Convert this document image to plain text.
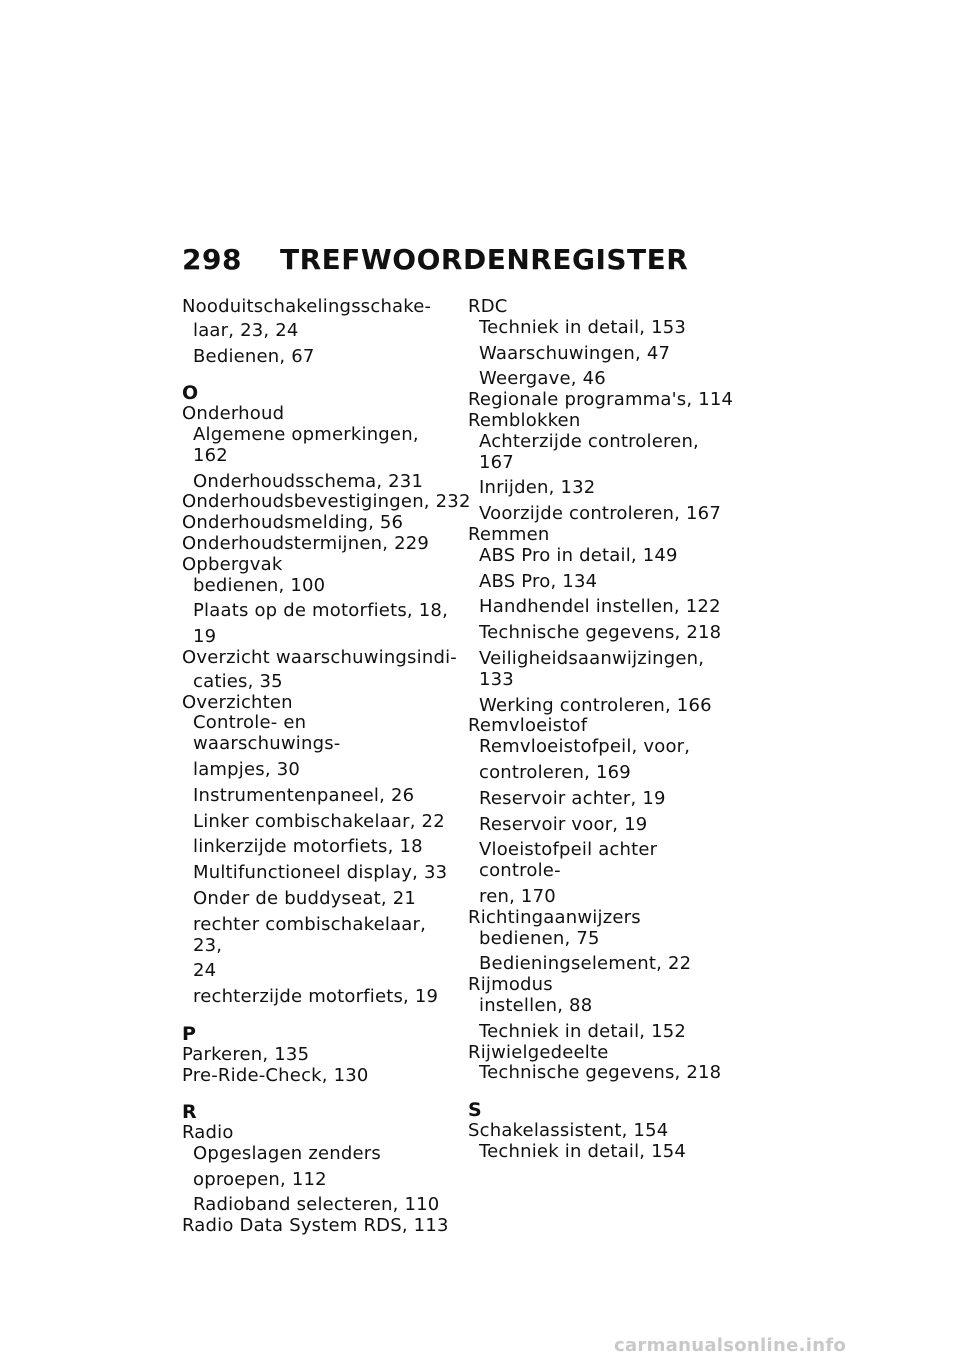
298 TREFWOORDENREGISTER
Nooduitschakelingsschake-
laar, 23, 24
Bedienen, 67
O
Onderhoud
Algemene opmerkingen, 162
Onderhoudsschema, 231
Onderhoudsbevestigingen, 232
Onderhoudsmelding, 56
Onderhoudstermijnen, 229
Opbergvak
bedienen, 100
Plaats op de motorfiets, 18,
19
Overzicht waarschuwingsindi-
caties, 35
Overzichten
Controle- en waarschuwings-
lampjes, 30
Instrumentenpaneel, 26
Linker combischakelaar, 22
linkerzijde motorfiets, 18
Multifunctioneel display, 33
Onder de buddyseat, 21
rechter combischakelaar, 23,
24
rechterzijde motorfiets, 19
P
Parkeren, 135
Pre-Ride-Check, 130
R
Radio
Opgeslagen zenders
oproepen, 112
Radioband selecteren, 110
Radio Data System RDS, 113
RDC
Techniek in detail, 153
Waarschuwingen, 47
Weergave, 46
Regionale programma's, 114
Remblokken
Achterzijde controleren, 167
Inrijden, 132
Voorzijde controleren, 167
Remmen
ABS Pro in detail, 149
ABS Pro, 134
Handhendel instellen, 122
Technische gegevens, 218
Veiligheidsaanwijzingen, 133
Werking controleren, 166
Remvloeistof
Remvloeistofpeil, voor,
controleren, 169
Reservoir achter, 19
Reservoir voor, 19
Vloeistofpeil achter controle-
ren, 170
Richtingaanwijzers
bedienen, 75
Bedieningselement, 22
Rijmodus
instellen, 88
Techniek in detail, 152
Rijwielgedeelte
Technische gegevens, 218
S
Schakelassistent, 154
Techniek in detail, 154
carmanualsonline.info
